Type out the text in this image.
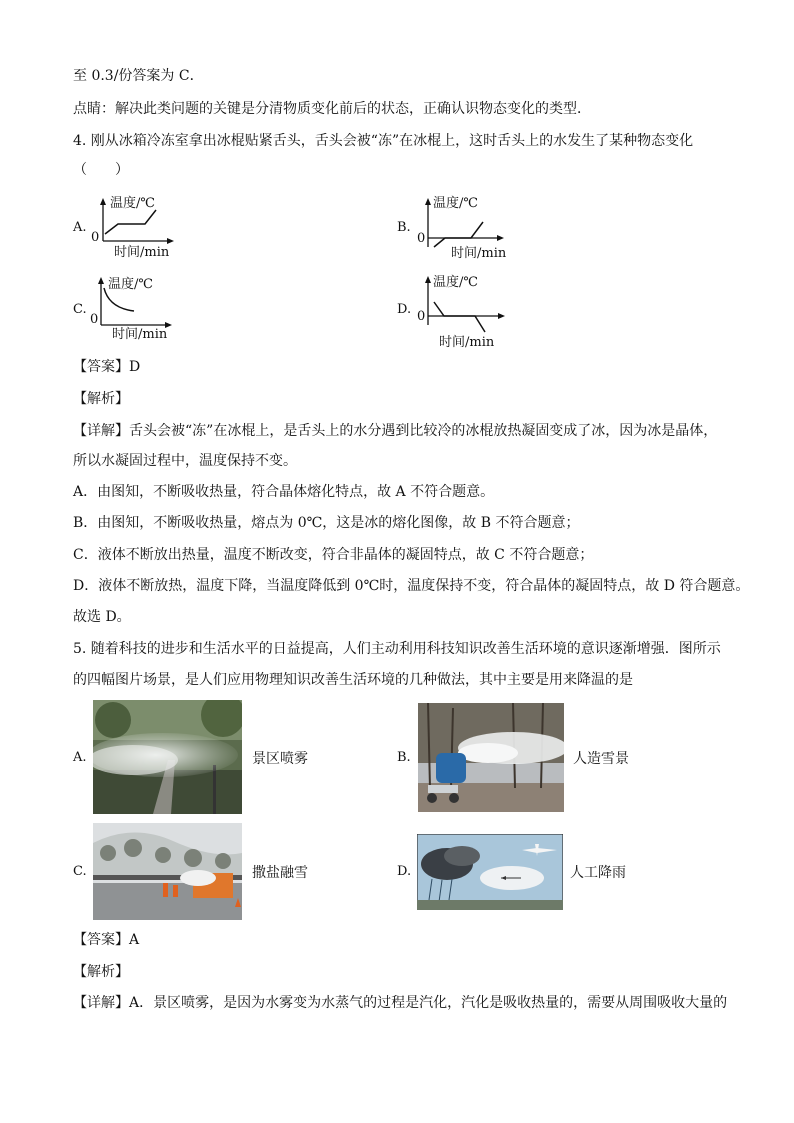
至 0.3/份答案为 C．
点睛：解决此类问题的关键是分清物质变化前后的状态，正确认识物态变化的类型．
4. 刚从冰箱冷冻室拿出冰棍贴紧舌头，舌头会被“冻”在冰棍上，这时舌头上的水发生了某种物态变化
（　　）
A.
温度/℃
0
时间/min
B.
温度/℃
0
时间/min
C.
温度/℃
0
时间/min
D.
温度/℃
0
时间/min
【答案】D
【解析】
【详解】舌头会被“冻”在冰棍上，是舌头上的水分遇到比较冷的冰棍放热凝固变成了冰，因为冰是晶体，
所以水凝固过程中，温度保持不变。
A．由图知，不断吸收热量，符合晶体熔化特点，故 A 不符合题意。
B．由图知，不断吸收热量，熔点为 0℃，这是冰的熔化图像，故 B 不符合题意；
C．液体不断放出热量，温度不断改变，符合非晶体的凝固特点，故 C 不符合题意；
D．液体不断放热，温度下降，当温度降低到 0℃时，温度保持不变，符合晶体的凝固特点，故 D 符合题意。
故选 D。
5. 随着科技的进步和生活水平的日益提高，人们主动利用科技知识改善生活环境的意识逐渐增强．图所示
的四幅图片场景，是人们应用物理知识改善生活环境的几种做法，其中主要是用来降温的是
A.	景区喷雾	B.	人造雪景
C.	撒盐融雪	D.	人工降雨
【答案】A
【解析】
【详解】A．景区喷雾，是因为水雾变为水蒸气的过程是汽化，汽化是吸收热量的，需要从周围吸收大量的
